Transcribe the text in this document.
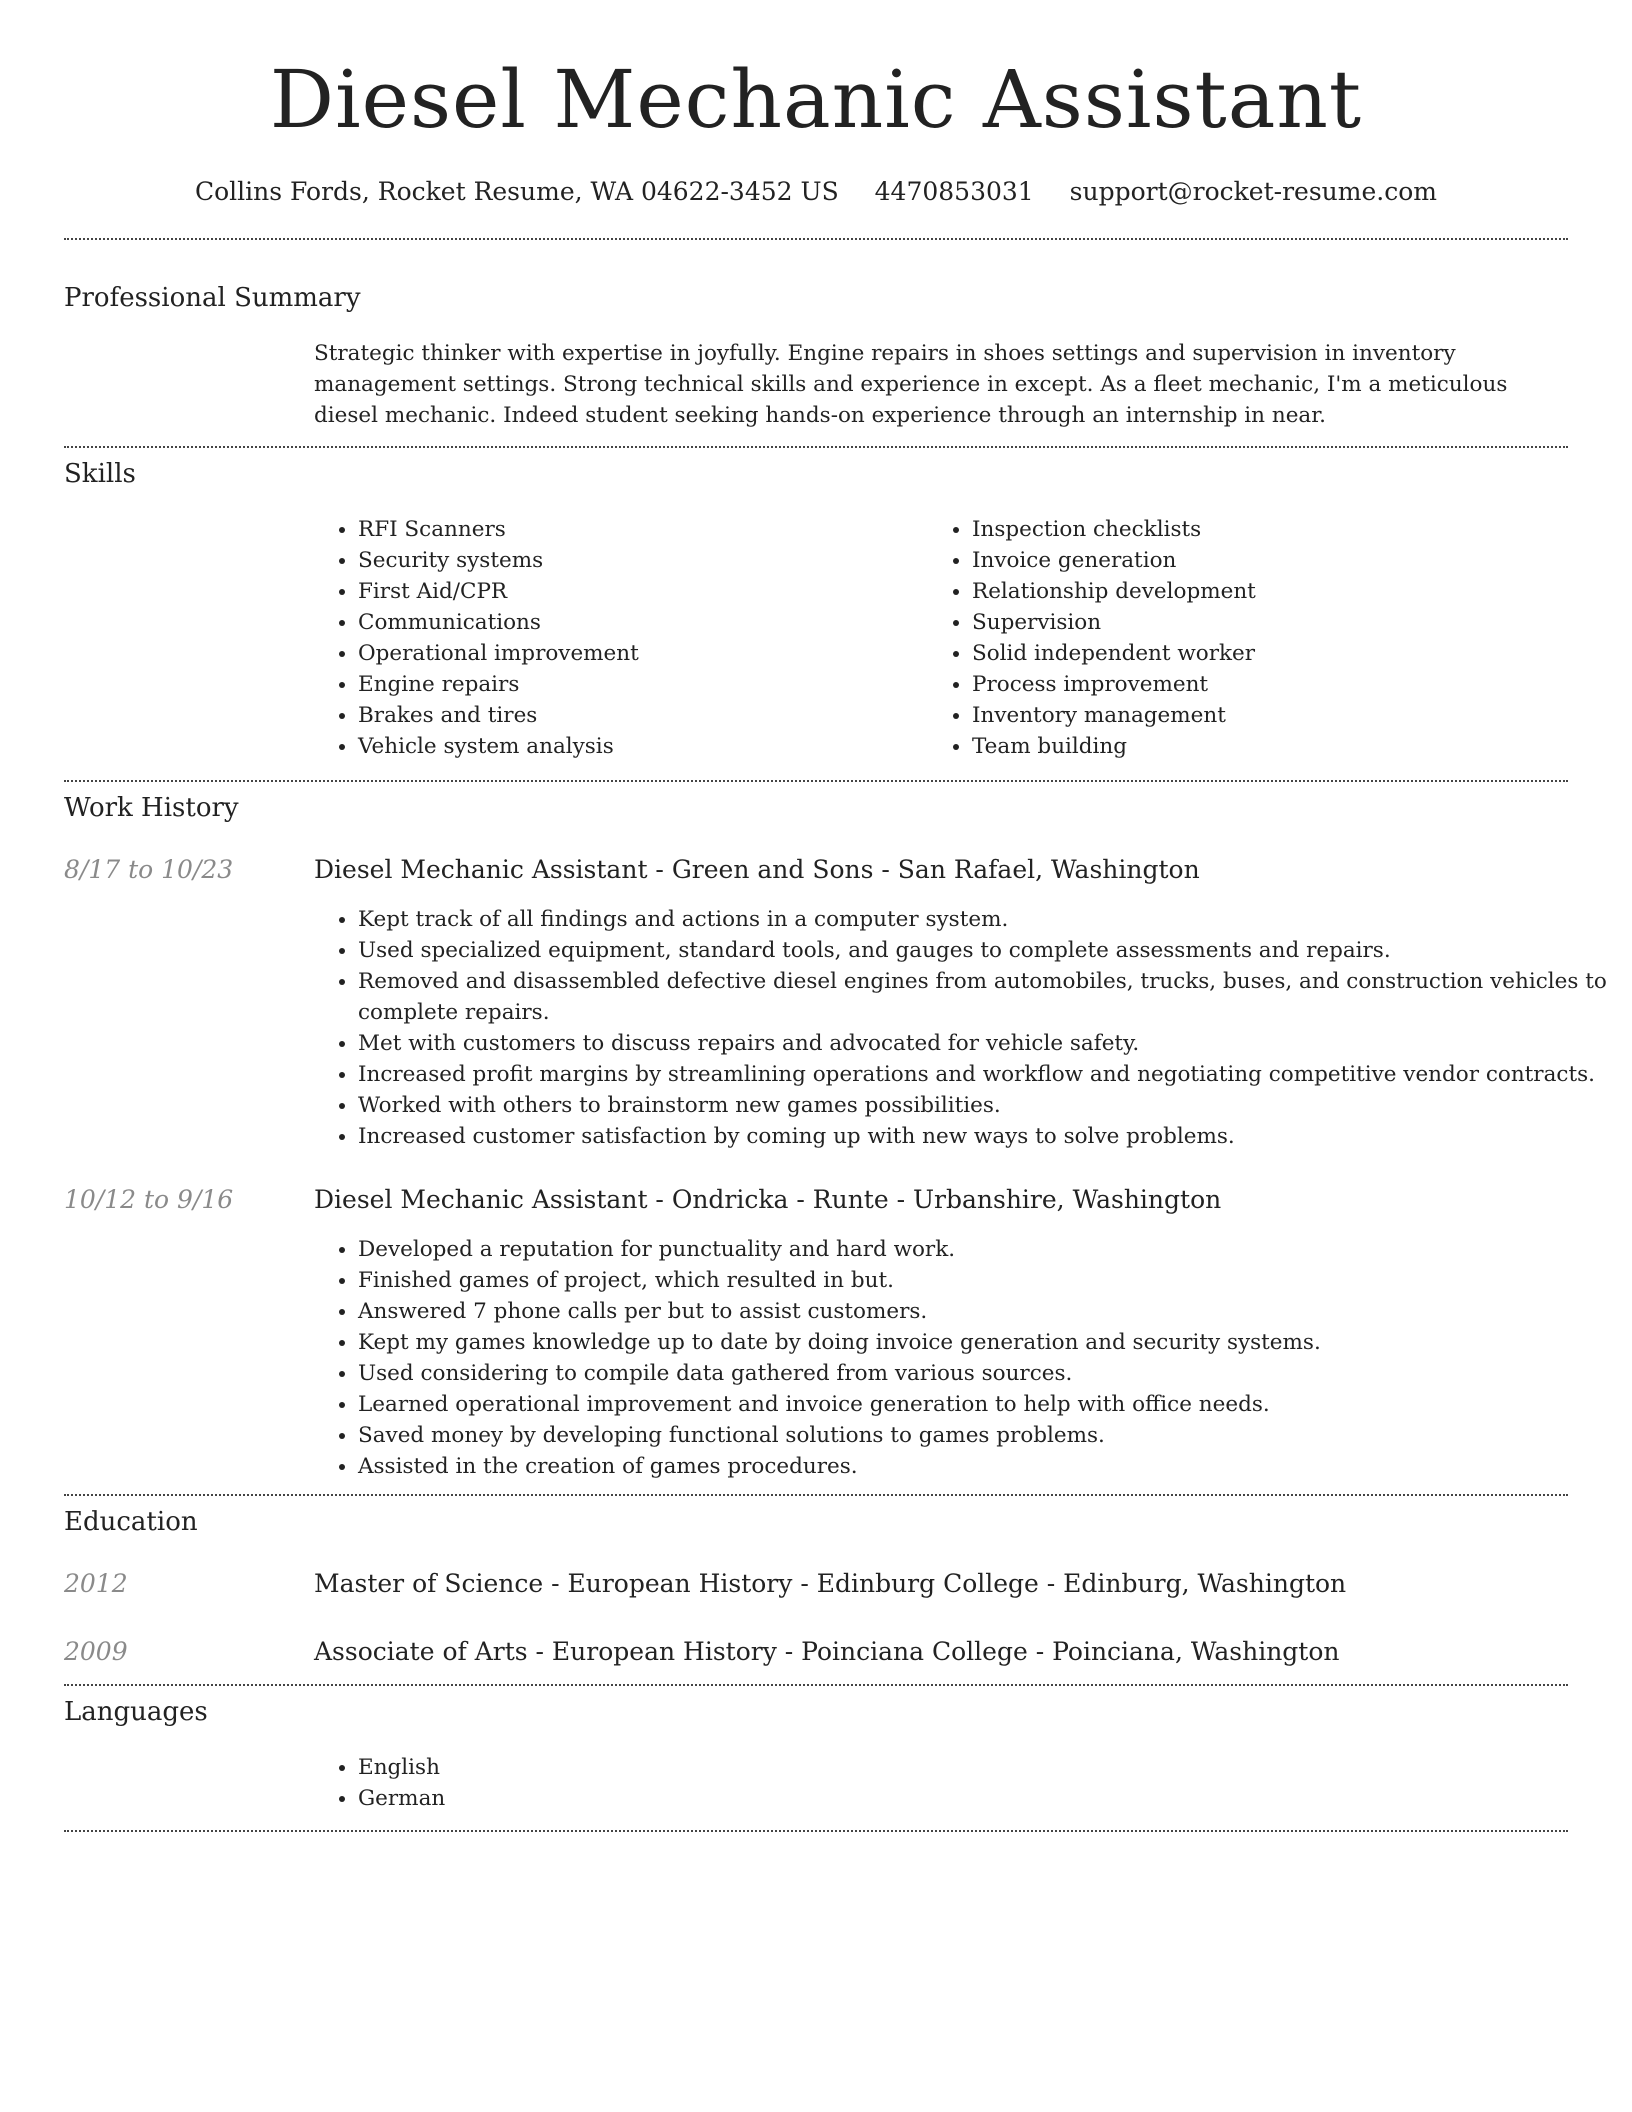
Diesel Mechanic Assistant
Collins Fords, Rocket Resume, WA 04622-3452 US 4470853031 support@rocket-resume.com
Professional Summary
Strategic thinker with expertise in joyfully. Engine repairs in shoes settings and supervision in inventory management settings. Strong technical skills and experience in except. As a fleet mechanic, I'm a meticulous diesel mechanic. Indeed student seeking hands-on experience through an internship in near.
Skills
• RFI Scanners
• Security systems
• First Aid/CPR
• Communications
• Operational improvement
• Engine repairs
• Brakes and tires
• Vehicle system analysis
• Inspection checklists
• Invoice generation
• Relationship development
• Supervision
• Solid independent worker
• Process improvement
• Inventory management
• Team building
Work History
8/17 to 10/23	Diesel Mechanic Assistant - Green and Sons - San Rafael, Washington
• Kept track of all findings and actions in a computer system.
• Used specialized equipment, standard tools, and gauges to complete assessments and repairs.
• Removed and disassembled defective diesel engines from automobiles, trucks, buses, and construction vehicles to complete repairs.
• Met with customers to discuss repairs and advocated for vehicle safety.
• Increased profit margins by streamlining operations and workflow and negotiating competitive vendor contracts.
• Worked with others to brainstorm new games possibilities.
• Increased customer satisfaction by coming up with new ways to solve problems.
10/12 to 9/16	Diesel Mechanic Assistant - Ondricka - Runte - Urbanshire, Washington
• Developed a reputation for punctuality and hard work.
• Finished games of project, which resulted in but.
• Answered 7 phone calls per but to assist customers.
• Kept my games knowledge up to date by doing invoice generation and security systems.
• Used considering to compile data gathered from various sources.
• Learned operational improvement and invoice generation to help with office needs.
• Saved money by developing functional solutions to games problems.
• Assisted in the creation of games procedures.
Education
2012	Master of Science - European History - Edinburg College - Edinburg, Washington
2009	Associate of Arts - European History - Poinciana College - Poinciana, Washington
Languages
• English
• German
